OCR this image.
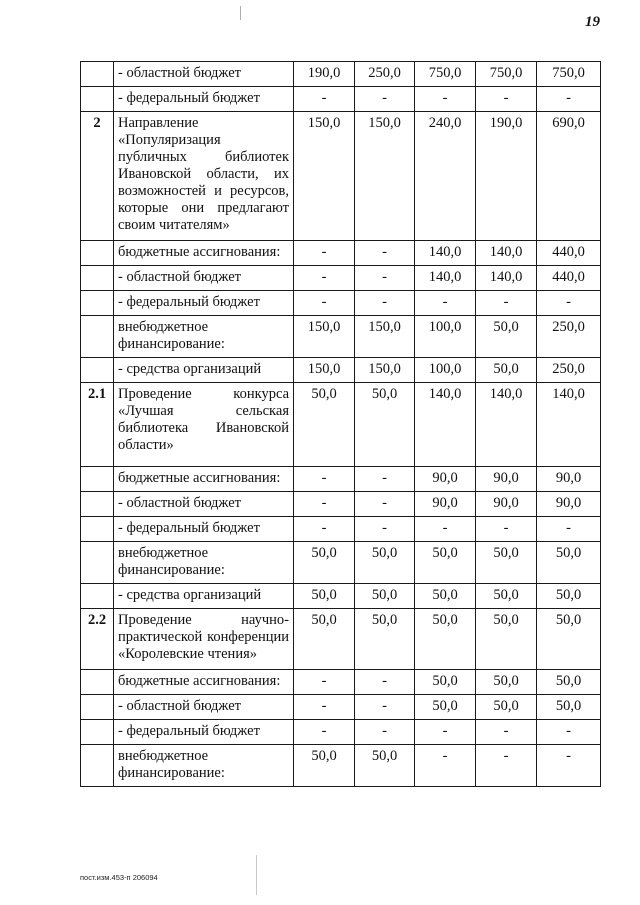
19
	- областной бюджет	190,0	250,0	750,0	750,0	750,0
	- федеральный бюджет	-	-	-	-	-
2	Направление «Популяризация публичных библиотек Ивановской области, их возможностей и ресурсов, которые они предлагают своим читателям»	150,0	150,0	240,0	190,0	690,0
	бюджетные ассигнования:	-	-	140,0	140,0	440,0
	- областной бюджет	-	-	140,0	140,0	440,0
	- федеральный бюджет	-	-	-	-	-
	внебюджетное финансирование:	150,0	150,0	100,0	50,0	250,0
	- средства организаций	150,0	150,0	100,0	50,0	250,0
2.1	Проведение конкурса «Лучшая сельская библиотека Ивановской области»	50,0	50,0	140,0	140,0	140,0
	бюджетные ассигнования:	-	-	90,0	90,0	90,0
	- областной бюджет	-	-	90,0	90,0	90,0
	- федеральный бюджет	-	-	-	-	-
	внебюджетное финансирование:	50,0	50,0	50,0	50,0	50,0
	- средства организаций	50,0	50,0	50,0	50,0	50,0
2.2	Проведение научно-практической конференции «Королевские чтения»	50,0	50,0	50,0	50,0	50,0
	бюджетные ассигнования:	-	-	50,0	50,0	50,0
	- областной бюджет	-	-	50,0	50,0	50,0
	- федеральный бюджет	-	-	-	-	-
	внебюджетное финансирование:	50,0	50,0	-	-	-
пост.изм.453-п 206094
